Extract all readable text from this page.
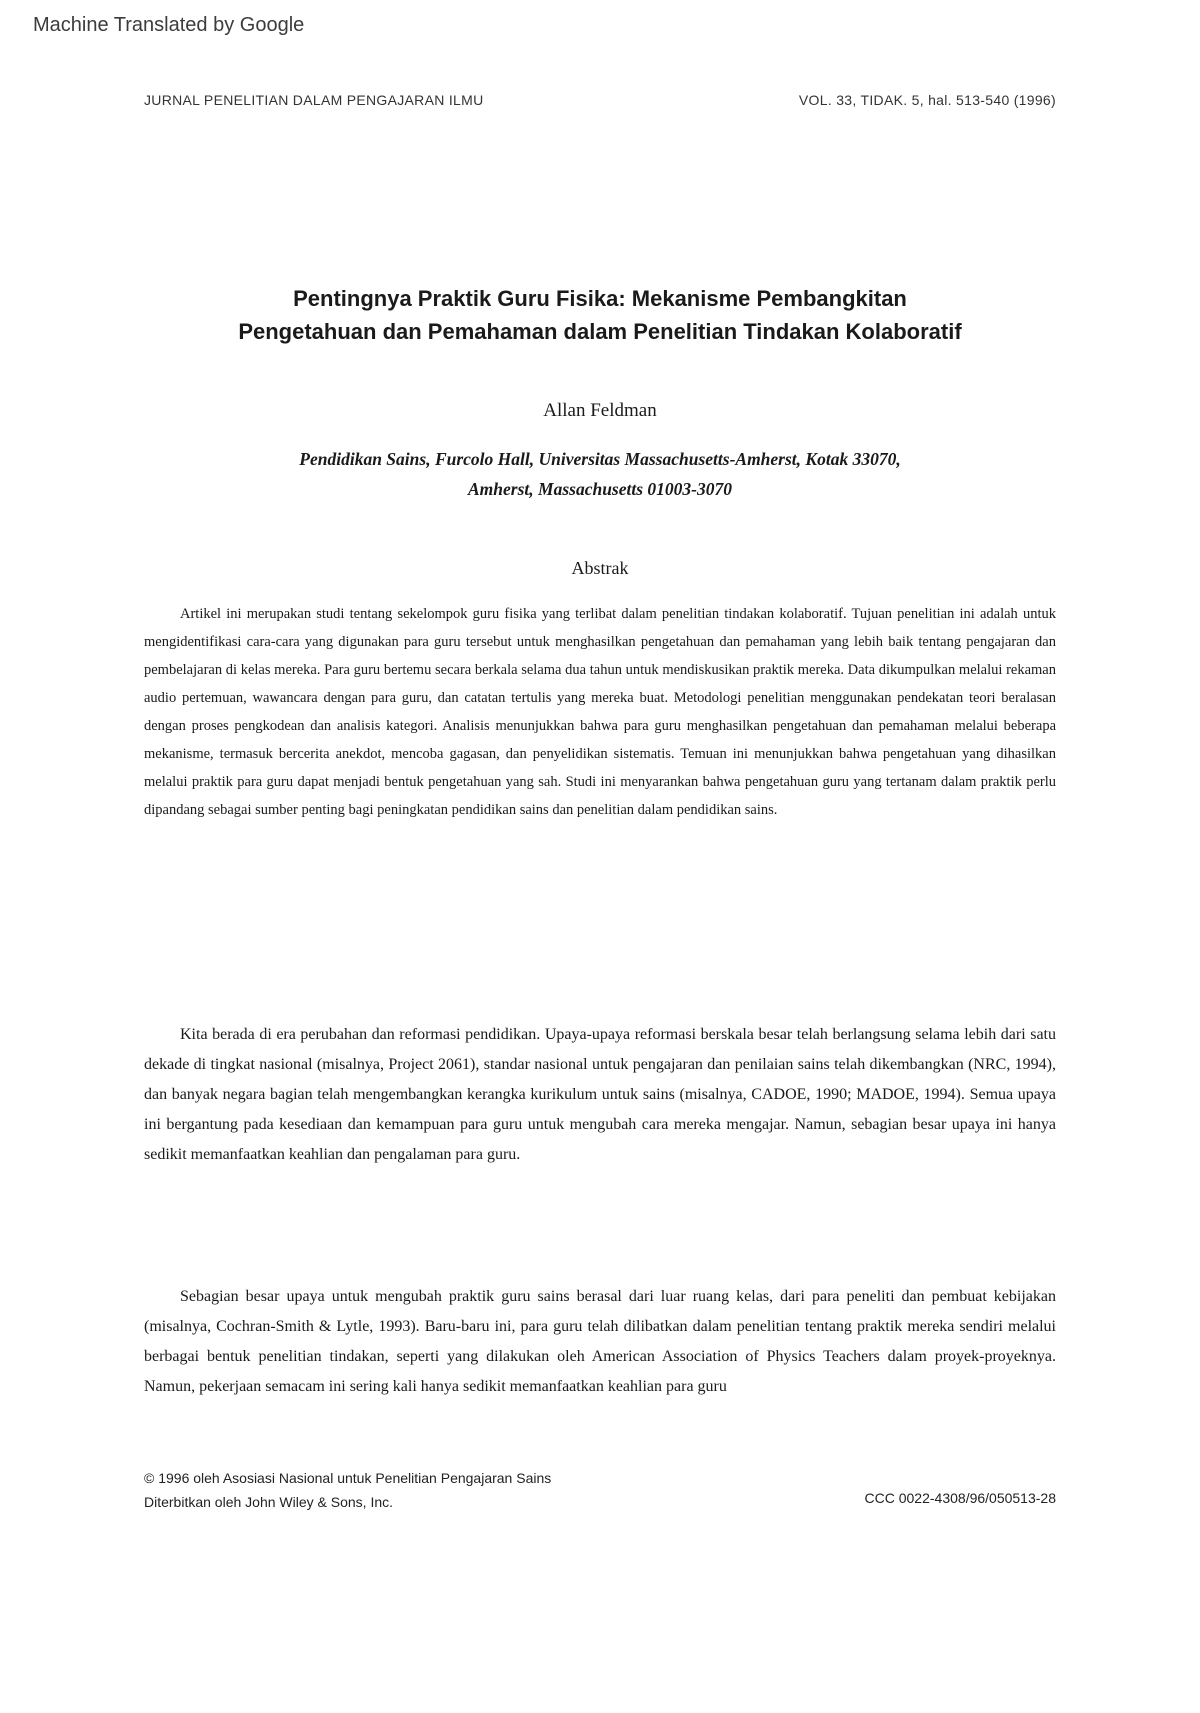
Machine Translated by Google
JURNAL PENELITIAN DALAM PENGAJARAN ILMU	VOL. 33, TIDAK. 5, hal. 513-540 (1996)
Pentingnya Praktik Guru Fisika: Mekanisme Pembangkitan
Pengetahuan dan Pemahaman dalam Penelitian Tindakan Kolaboratif
Allan Feldman
Pendidikan Sains, Furcolo Hall, Universitas Massachusetts-Amherst, Kotak 33070,
Amherst, Massachusetts 01003-3070
Abstrak

Artikel ini merupakan studi tentang sekelompok guru fisika yang terlibat dalam penelitian tindakan kolaboratif. Tujuan penelitian ini adalah untuk mengidentifikasi cara-cara yang digunakan para guru tersebut untuk menghasilkan pengetahuan dan pemahaman yang lebih baik tentang pengajaran dan pembelajaran di kelas mereka. Para guru bertemu secara berkala selama dua tahun untuk mendiskusikan praktik mereka. Data dikumpulkan melalui rekaman audio pertemuan, wawancara dengan para guru, dan catatan tertulis yang mereka buat. Metodologi penelitian menggunakan pendekatan teori beralasan dengan proses pengkodean dan analisis kategori. Analisis menunjukkan bahwa para guru menghasilkan pengetahuan dan pemahaman melalui beberapa mekanisme, termasuk bercerita anekdot, mencoba gagasan, dan penyelidikan sistematis. Temuan ini menunjukkan bahwa pengetahuan yang dihasilkan melalui praktik para guru dapat menjadi bentuk pengetahuan yang sah. Studi ini menyarankan bahwa pengetahuan guru yang tertanam dalam praktik perlu dipandang sebagai sumber penting bagi peningkatan pendidikan sains dan penelitian dalam pendidikan sains.

Kita berada di era perubahan dan reformasi pendidikan. Upaya-upaya reformasi berskala besar telah berlangsung selama lebih dari satu dekade di tingkat nasional (misalnya, Project 2061), standar nasional untuk pengajaran dan penilaian sains telah dikembangkan (NRC, 1994), dan banyak negara bagian telah mengembangkan kerangka kurikulum untuk sains (misalnya, CADOE, 1990; MADOE, 1994). Semua upaya ini bergantung pada kesediaan dan kemampuan para guru untuk mengubah cara mereka mengajar. Namun, sebagian besar upaya ini hanya sedikit memanfaatkan keahlian dan pengalaman para guru.

Sebagian besar upaya untuk mengubah praktik guru sains berasal dari luar ruang kelas, dari para peneliti dan pembuat kebijakan (misalnya, Cochran-Smith & Lytle, 1993). Baru-baru ini, para guru telah dilibatkan dalam penelitian tentang praktik mereka sendiri melalui berbagai bentuk penelitian tindakan, seperti yang dilakukan oleh American Association of Physics Teachers dalam proyek-proyeknya. Namun, pekerjaan semacam ini sering kali hanya sedikit memanfaatkan keahlian para guru

© 1996 oleh Asosiasi Nasional untuk Penelitian Pengajaran Sains
Diterbitkan oleh John Wiley & Sons, Inc.	CCC 0022-4308/96/050513-28
